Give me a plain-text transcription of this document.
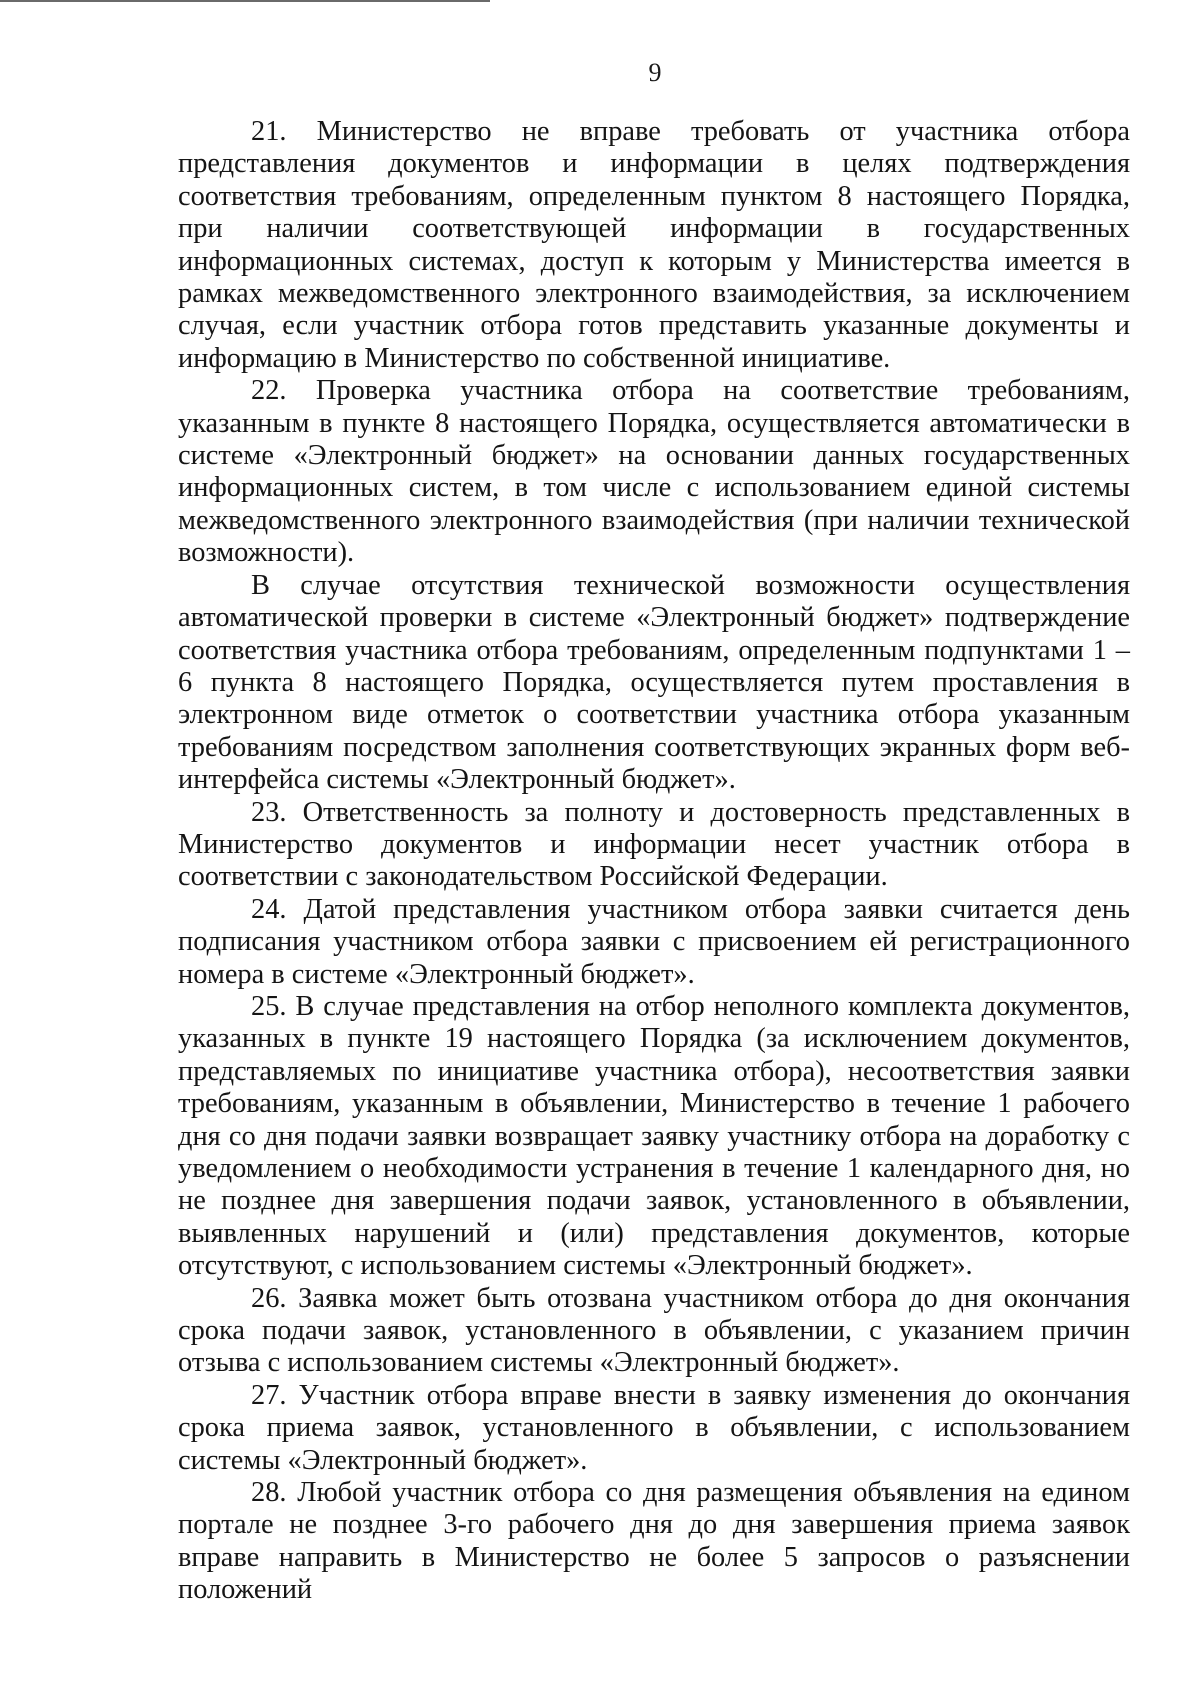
9

21. Министерство не вправе требовать от участника отбора представления документов и информации в целях подтверждения соответствия требованиям, определенным пунктом 8 настоящего Порядка, при наличии соответствующей информации в государственных информационных системах, доступ к которым у Министерства имеется в рамках межведомственного электронного взаимодействия, за исключением случая, если участник отбора готов представить указанные документы и информацию в Министерство по собственной инициативе.

22. Проверка участника отбора на соответствие требованиям, указанным в пункте 8 настоящего Порядка, осуществляется автоматически в системе «Электронный бюджет» на основании данных государственных информационных систем, в том числе с использованием единой системы межведомственного электронного взаимодействия (при наличии технической возможности).

В случае отсутствия технической возможности осуществления автоматической проверки в системе «Электронный бюджет» подтверждение соответствия участника отбора требованиям, определенным подпунктами 1 – 6 пункта 8 настоящего Порядка, осуществляется путем проставления в электронном виде отметок о соответствии участника отбора указанным требованиям посредством заполнения соответствующих экранных форм веб-интерфейса системы «Электронный бюджет».

23. Ответственность за полноту и достоверность представленных в Министерство документов и информации несет участник отбора в соответствии с законодательством Российской Федерации.

24. Датой представления участником отбора заявки считается день подписания участником отбора заявки с присвоением ей регистрационного номера в системе «Электронный бюджет».

25. В случае представления на отбор неполного комплекта документов, указанных в пункте 19 настоящего Порядка (за исключением документов, представляемых по инициативе участника отбора), несоответствия заявки требованиям, указанным в объявлении, Министерство в течение 1 рабочего дня со дня подачи заявки возвращает заявку участнику отбора на доработку с уведомлением о необходимости устранения в течение 1 календарного дня, но не позднее дня завершения подачи заявок, установленного в объявлении, выявленных нарушений и (или) представления документов, которые отсутствуют, с использованием системы «Электронный бюджет».

26. Заявка может быть отозвана участником отбора до дня окончания срока подачи заявок, установленного в объявлении, с указанием причин отзыва с использованием системы «Электронный бюджет».

27. Участник отбора вправе внести в заявку изменения до окончания срока приема заявок, установленного в объявлении, с использованием системы «Электронный бюджет».

28. Любой участник отбора со дня размещения объявления на едином портале не позднее 3-го рабочего дня до дня завершения приема заявок вправе направить в Министерство не более 5 запросов о разъяснении положений
